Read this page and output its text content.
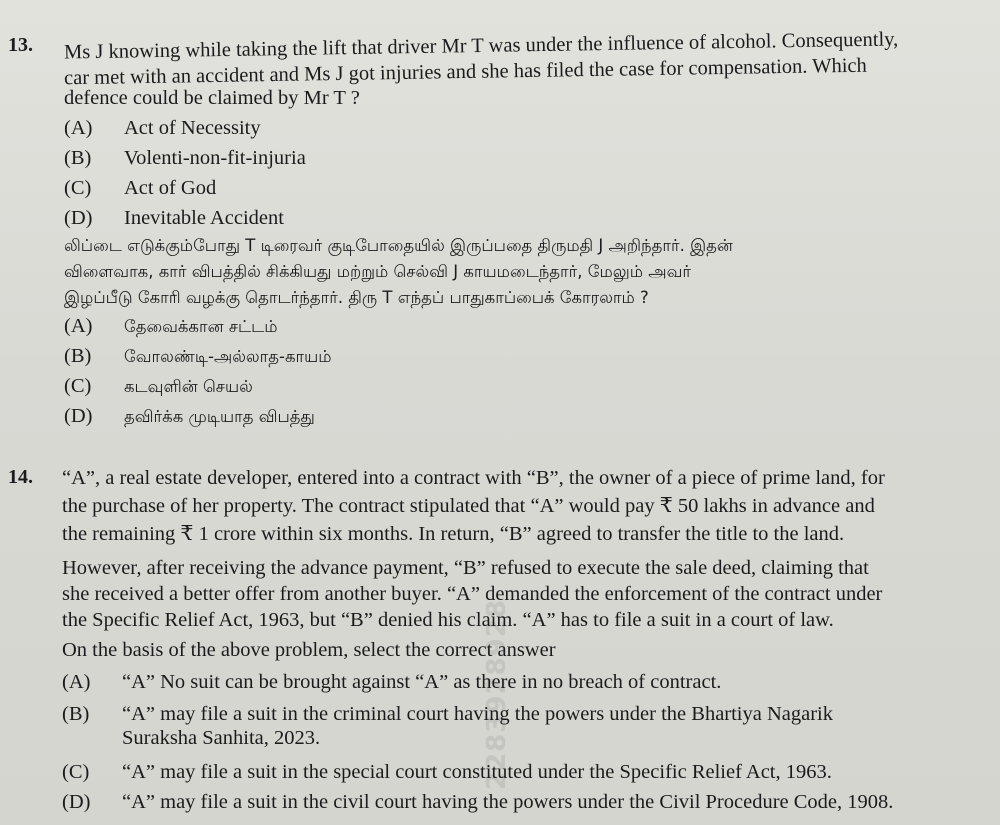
2283928928
13. Ms J knowing while taking the lift that driver Mr T was under the influence of alcohol. Consequently,
car met with an accident and Ms J got injuries and she has filed the case for compensation. Which
defence could be claimed by Mr T ?
(A) Act of Necessity
(B) Volenti-non-fit-injuria
(C) Act of God
(D) Inevitable Accident
லிப்டை எடுக்கும்போது T டிரைவர் குடிபோதையில் இருப்பதை திருமதி J அறிந்தார். இதன்
விளைவாக, கார் விபத்தில் சிக்கியது மற்றும் செல்வி J காயமடைந்தார், மேலும் அவர்
இழப்பீடு கோரி வழக்கு தொடர்ந்தார். திரு T எந்தப் பாதுகாப்பைக் கோரலாம் ?
(A) தேவைக்கான சட்டம்
(B) வோலண்டி-அல்லாத-காயம்
(C) கடவுளின் செயல்
(D) தவிர்க்க முடியாத விபத்து
14. “A”, a real estate developer, entered into a contract with “B”, the owner of a piece of prime land, for
the purchase of her property. The contract stipulated that “A” would pay ₹ 50 lakhs in advance and
the remaining ₹ 1 crore within six months. In return, “B” agreed to transfer the title to the land.
However, after receiving the advance payment, “B” refused to execute the sale deed, claiming that
she received a better offer from another buyer. “A” demanded the enforcement of the contract under
the Specific Relief Act, 1963, but “B” denied his claim. “A” has to file a suit in a court of law.
On the basis of the above problem, select the correct answer
(A) “A” No suit can be brought against “A” as there in no breach of contract.
(B) “A” may file a suit in the criminal court having the powers under the Bhartiya Nagarik
Suraksha Sanhita, 2023.
(C) “A” may file a suit in the special court constituted under the Specific Relief Act, 1963.
(D) “A” may file a suit in the civil court having the powers under the Civil Procedure Code, 1908.
